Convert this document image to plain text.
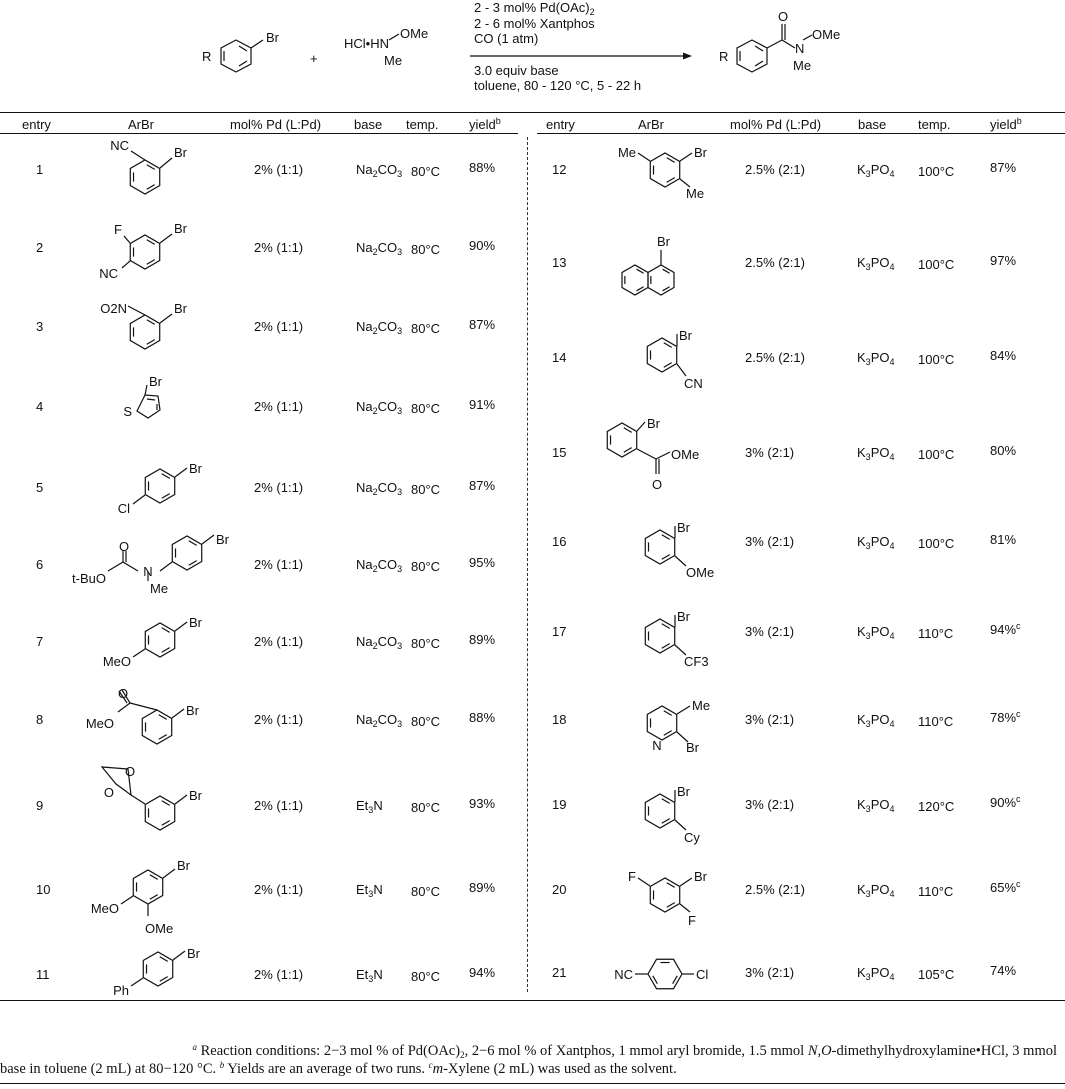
Br
R	+
HCl•HN
OMe
Me
O
N
OMe
Me
R
2 - 3 mol% $Pd(OAc)_2$
2 - 6 mol% Xantphos
CO (1 atm)
3.0 equiv base
toluene, 80 - 120 °C, 5 - 22 h
entry	ArBr	mol% Pd (L:Pd)	base temp. yield$^b$	entry	ArBr	mol% Pd (L:Pd)	base temp.	yield$^b$
1	2% (1:1)	$Na_2CO_3$ 80°C 88%
2	2% (1:1)	$Na_2CO_3$ 80°C 90%
3	2% (1:1)	$Na_2CO_3$ 80°C 87%
4	2% (1:1)	$Na_2CO_3$ 80°C 91%
5	2% (1:1)	$Na_2CO_3$ 80°C 87%
6	2% (1:1)	$Na_2CO_3$ 80°C 95%
7	2% (1:1)	$Na_2CO_3$ 80°C 89%
8	2% (1:1)	$Na_2CO_3$ 80°C 88%
9	2% (1:1)	$Et_3N$ 80°C 93%
10	2% (1:1)	$Et_3N$ 80°C 89%
11	2% (1:1)	$Et_3N$ 80°C 94%
12	2.5% (2:1)	$K_3PO_4$ 100°C	87%
13	2.5% (2:1)	$K_3PO_4$ 100°C	97%
14	2.5% (2:1)	$K_3PO_4$ 100°C	84%
15	3% (2:1)	$K_3PO_4$ 100°C	80%
16	3% (2:1)	$K_3PO_4$ 100°C	81%
17	3% (2:1)	$K_3PO_4$ 110°C	94%$^c$
18	3% (2:1)	$K_3PO_4$ 110°C	78%$^c$
19	3% (2:1)	$K_3PO_4$ 120°C	90%$^c$
20	2.5% (2:1)	$K_3PO_4$ 110°C	65%$^c$
21	3% (2:1)	$K_3PO_4$ 105°C	74%
NC	Br
F	Br
NC
O2N	Br
S
Br
Br
Cl
Br
O
t-BuO	N
Me
Br
MeO
O
MeO
Br
Br
O
O
Br
MeO
OMe
Br
Ph
Me	Br
Me
Br
Br
CN
Br
OMe
O
Br
OMe
Br
CF3
Me
N Br
Br
Cy
F	Br
F
NC	Cl

$^a$ Reaction conditions: 2−3 mol % of $Pd(OAc)_2$, 2−6 mol % of Xantphos, 1 mmol aryl bromide, 1.5 mmol N,O-dimethylhydroxylamine•HCl, 3 mmol

base in toluene (2 mL) at 80−120 °C. $^b$ Yields are an average of two runs. $^c$m-Xylene (2 mL) was used as the solvent.
